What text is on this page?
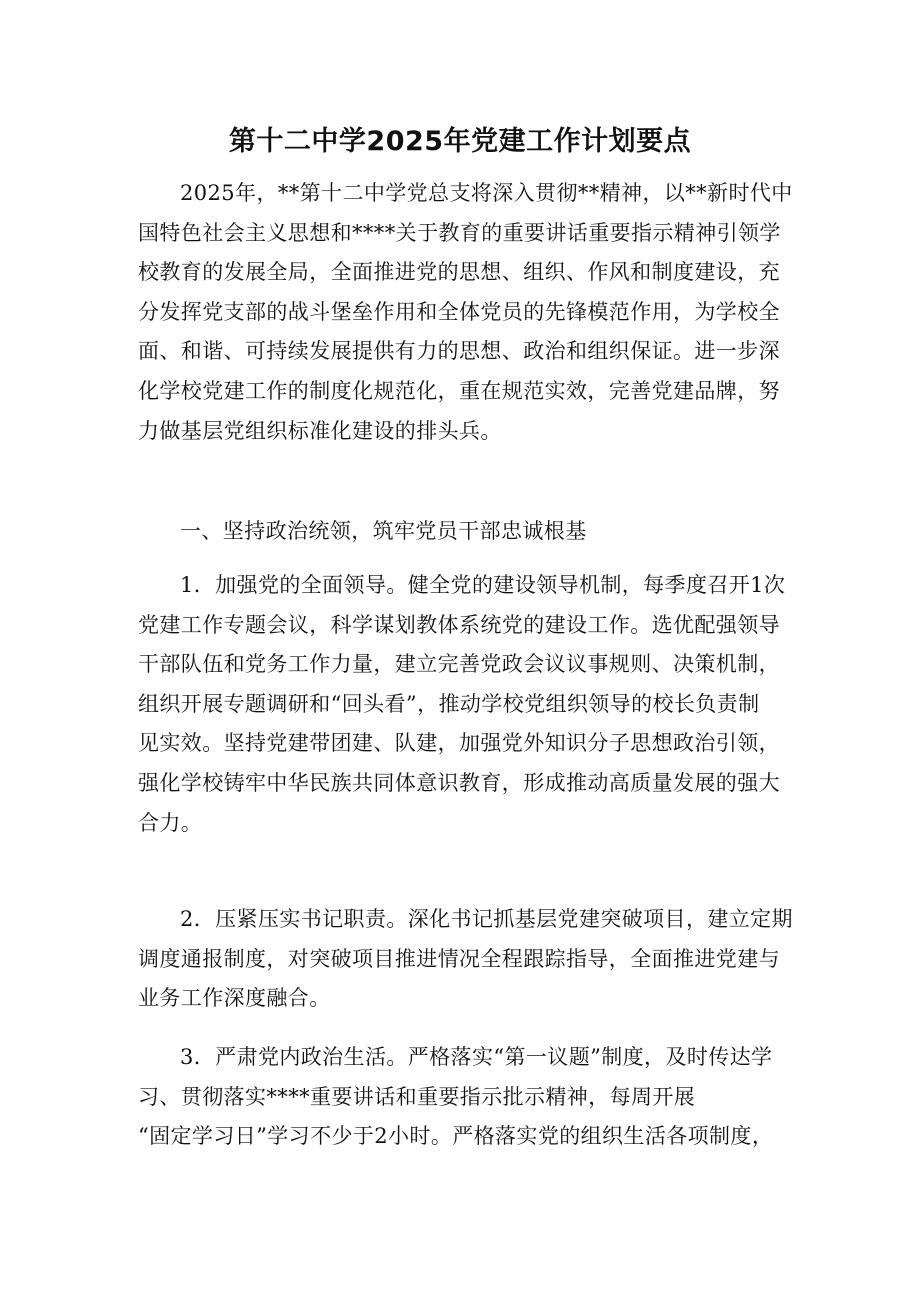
第十二中学2025年党建工作计划要点

2025年，**第十二中学党总支将深入贯彻**精神，以**新时代中
国特色社会主义思想和****关于教育的重要讲话重要指示精神引领学
校教育的发展全局，全面推进党的思想、组织、作风和制度建设，充
分发挥党支部的战斗堡垒作用和全体党员的先锋模范作用，为学校全
面、和谐、可持续发展提供有力的思想、政治和组织保证。进一步深
化学校党建工作的制度化规范化，重在规范实效，完善党建品牌，努
力做基层党组织标准化建设的排头兵。

一、坚持政治统领，筑牢党员干部忠诚根基

1．加强党的全面领导。健全党的建设领导机制，每季度召开1次
党建工作专题会议，科学谋划教体系统党的建设工作。选优配强领导
干部队伍和党务工作力量，建立完善党政会议议事规则、决策机制，
组织开展专题调研和“回头看”，推动学校党组织领导的校长负责制
见实效。坚持党建带团建、队建，加强党外知识分子思想政治引领，
强化学校铸牢中华民族共同体意识教育，形成推动高质量发展的强大
合力。

2．压紧压实书记职责。深化书记抓基层党建突破项目，建立定期
调度通报制度，对突破项目推进情况全程跟踪指导，全面推进党建与
业务工作深度融合。

3．严肃党内政治生活。严格落实“第一议题”制度，及时传达学
习、贯彻落实****重要讲话和重要指示批示精神，每周开展
“固定学习日”学习不少于2小时。严格落实党的组织生活各项制度，
